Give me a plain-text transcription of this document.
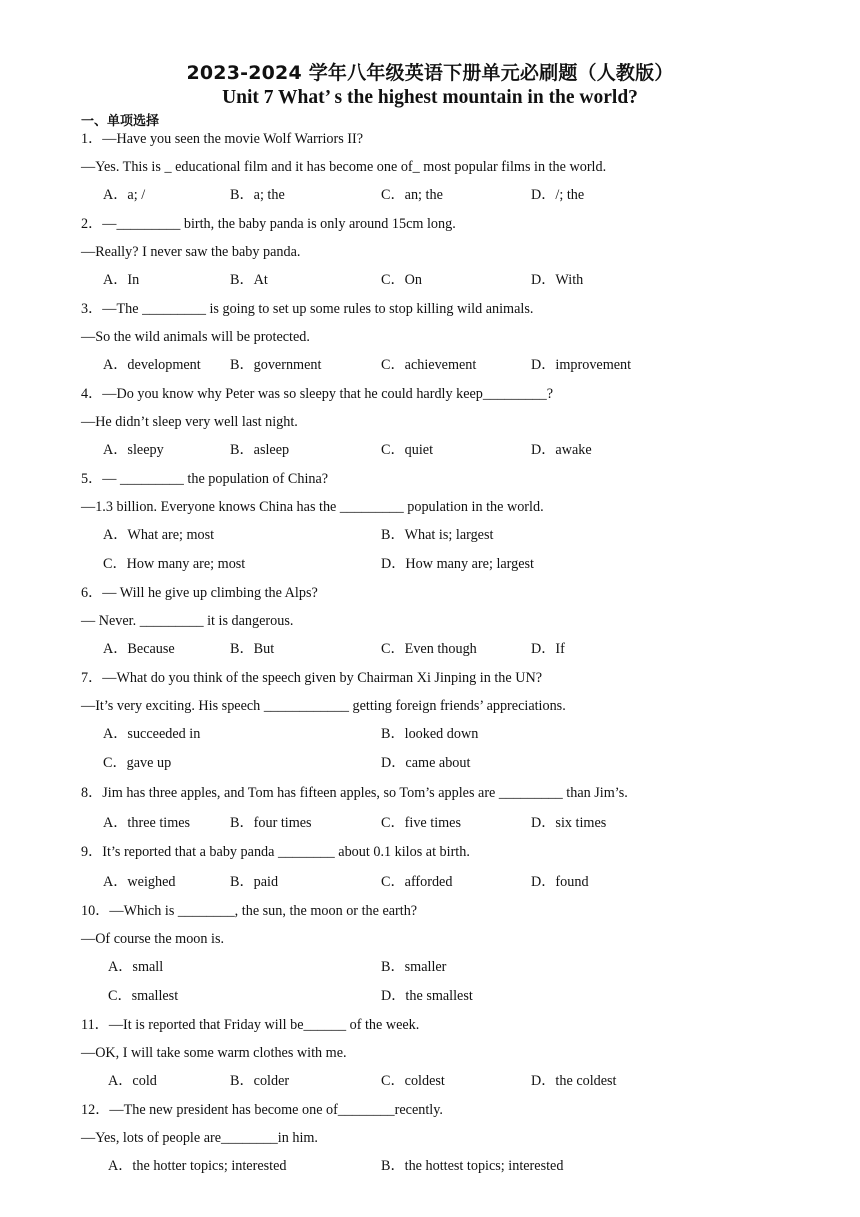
2023-2024 学年八年级英语下册单元必刷题（人教版）
Unit 7 What’ s the highest mountain in the world?
一、单项选择
1．—Have you seen the movie Wolf Warriors II?
—Yes. This is _ educational film and it has become one of_ most popular films in the world.
A．a; /	B．a; the	C．an; the	D．/; the
2．—_________ birth, the baby panda is only around 15cm long.
—Really? I never saw the baby panda.
A．In	B．At	C．On	D．With
3．—The _________ is going to set up some rules to stop killing wild animals.
—So the wild animals will be protected.
A．development B．government	C．achievement	D．improvement
4．—Do you know why Peter was so sleepy that he could hardly keep_________?
—He didn’t sleep very well last night.
A．sleepy	B．asleep	C．quiet	D．awake
5．— _________ the population of China?
—1.3 billion. Everyone knows China has the _________ population in the world.
A．What are; most	B．What is; largest
C．How many are; most	D．How many are; largest
6．— Will he give up climbing the Alps?
— Never. _________ it is dangerous.
A．Because	B．But	C．Even though	D．If
7．—What do you think of the speech given by Chairman Xi Jinping in the UN?
—It’s very exciting. His speech ____________ getting foreign friends’ appreciations.
A．succeeded in	B．looked down
C．gave up	D．came about
8．Jim has three apples, and Tom has fifteen apples, so Tom’s apples are _________ than Jim’s.
A．three times	B．four times	C．five times	D．six times
9．It’s reported that a baby panda ________ about 0.1 kilos at birth.
A．weighed	B．paid	C．afforded	D．found
10．—Which is ________, the sun, the moon or the earth?
—Of course the moon is.
A．small	B．smaller
C．smallest	D．the smallest
11．—It is reported that Friday will be______ of the week.
—OK, I will take some warm clothes with me.
A．cold	B．colder	C．coldest	D．the coldest
12．—The new president has become one of________recently.
—Yes, lots of people are________in him.
A．the hotter topics; interested	B．the hottest topics; interested
